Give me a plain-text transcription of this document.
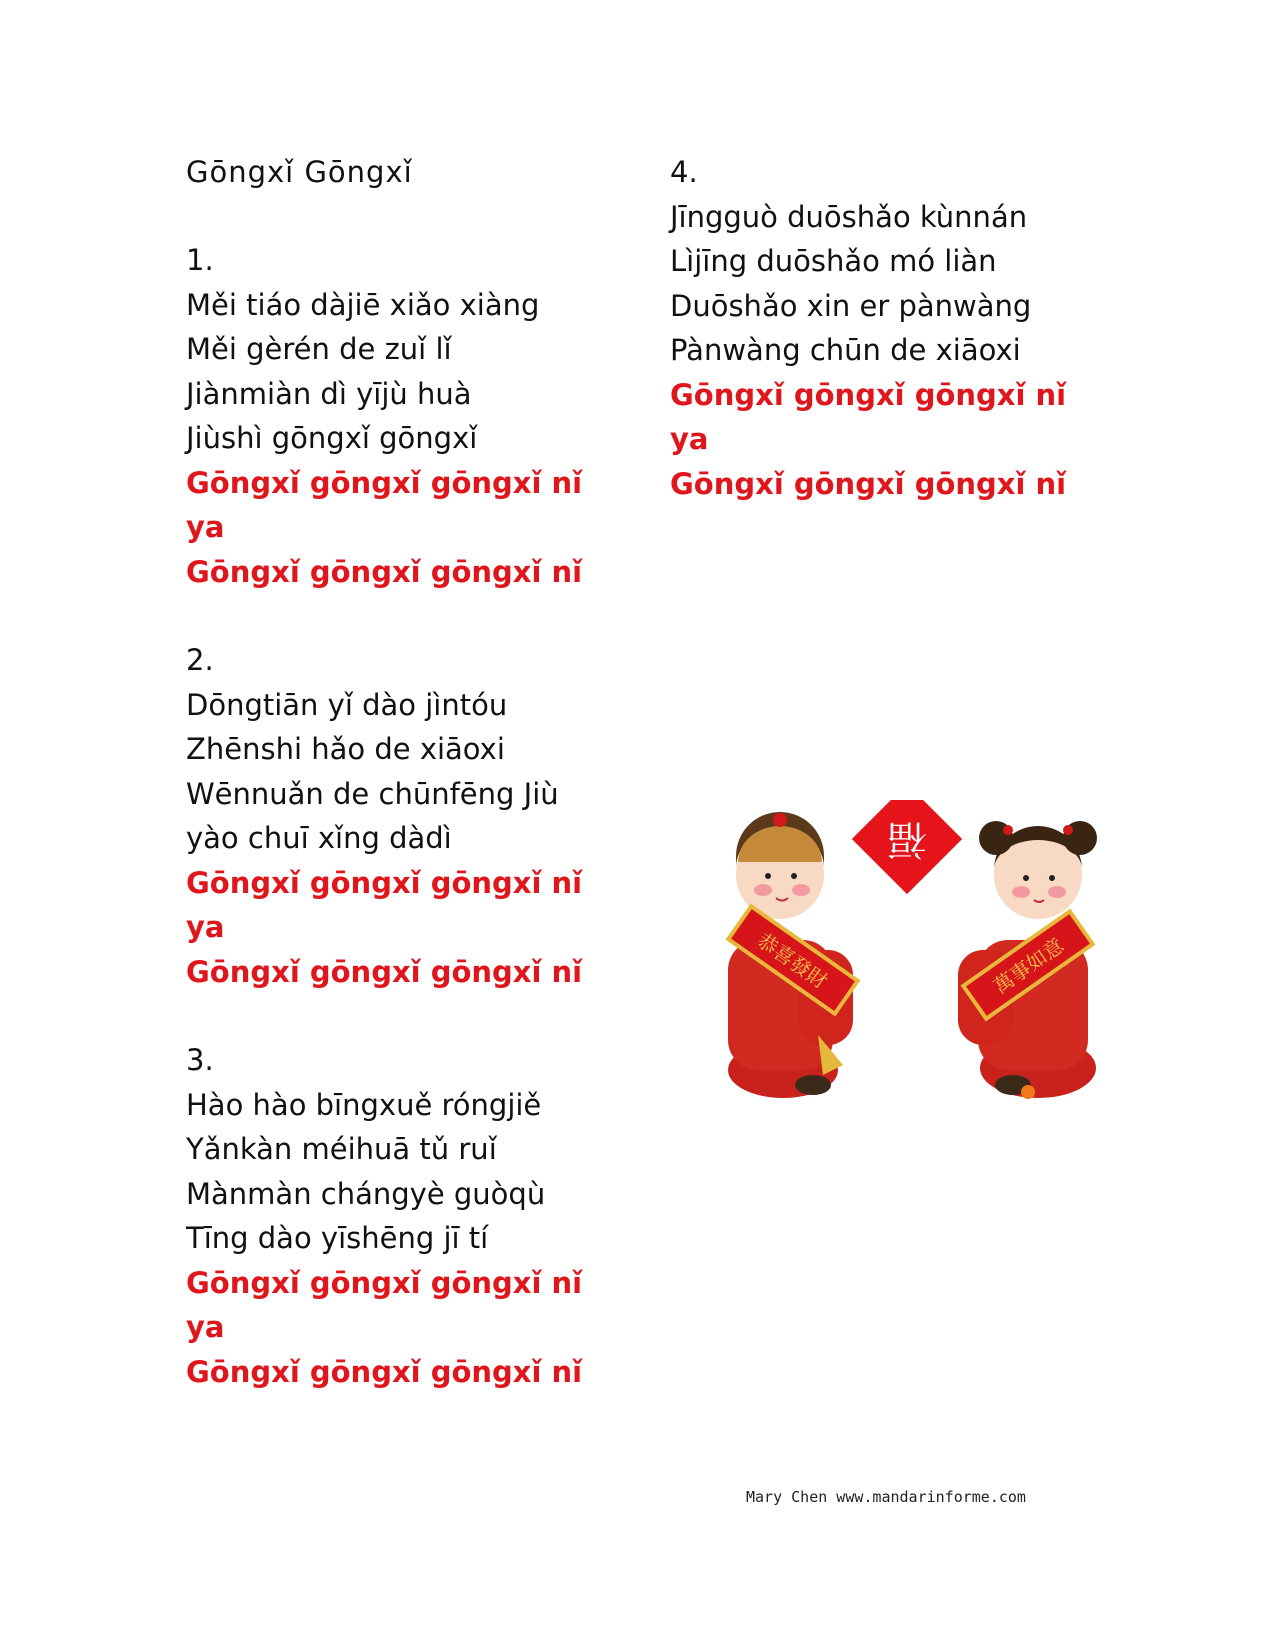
Gōngxǐ Gōngxǐ

1.

Měi tiáo dàjiē xiǎo xiàng

Měi gèrén de zuǐ lǐ

Jiànmiàn dì yījù huà

Jiùshì gōngxǐ gōngxǐ

Gōngxǐ gōngxǐ gōngxǐ nǐ ya

Gōngxǐ gōngxǐ gōngxǐ nǐ

2.

Dōngtiān yǐ dào jìntóu

Zhēnshi hǎo de xiāoxi

Wēnnuǎn de chūnfēng Jiù

yào chuī xǐng dàdì

Gōngxǐ gōngxǐ gōngxǐ nǐ ya

Gōngxǐ gōngxǐ gōngxǐ nǐ

3.

Hào hào bīngxuě róngjiě

Yǎnkàn méihuā tǔ ruǐ

Mànmàn chángyè guòqù

Tīng dào yīshēng jī tí

Gōngxǐ gōngxǐ gōngxǐ nǐ ya

Gōngxǐ gōngxǐ gōngxǐ nǐ

4.

Jīngguò duōshǎo kùnnán

Lìjīng duōshǎo mó liàn

Duōshǎo xin er pànwàng

Pànwàng chūn de xiāoxi

Gōngxǐ gōngxǐ gōngxǐ nǐ ya

Gōngxǐ gōngxǐ gōngxǐ nǐ

福
恭喜發財	萬事如意
Mary Chen www.mandarinforme.com
